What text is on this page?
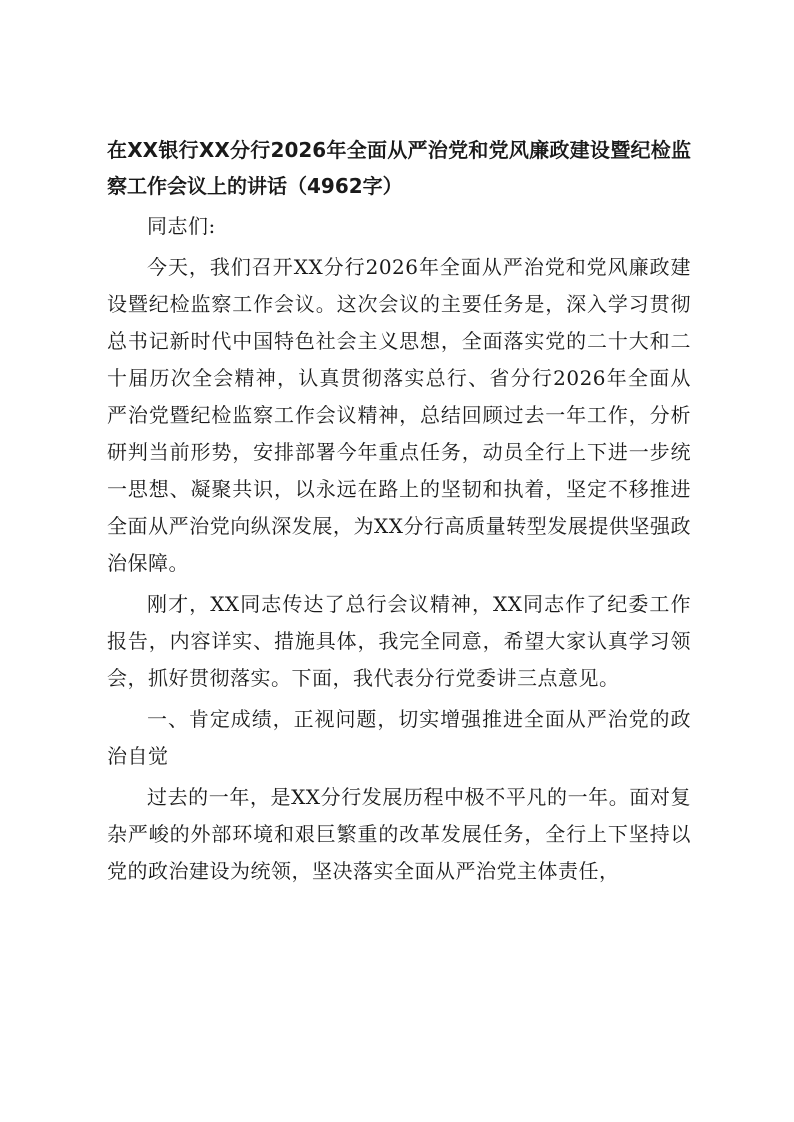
在XX银行XX分行2026年全面从严治党和党风廉政建设暨纪检监察工作会议上的讲话（4962字）

同志们:

今天，我们召开XX分行2026年全面从严治党和党风廉政建设暨纪检监察工作会议。这次会议的主要任务是，深入学习贯彻总书记新时代中国特色社会主义思想，全面落实党的二十大和二十届历次全会精神，认真贯彻落实总行、省分行2026年全面从严治党暨纪检监察工作会议精神，总结回顾过去一年工作，分析研判当前形势，安排部署今年重点任务，动员全行上下进一步统一思想、凝聚共识，以永远在路上的坚韧和执着，坚定不移推进全面从严治党向纵深发展，为XX分行高质量转型发展提供坚强政治保障。

刚才，XX同志传达了总行会议精神，XX同志作了纪委工作报告，内容详实、措施具体，我完全同意，希望大家认真学习领会，抓好贯彻落实。下面，我代表分行党委讲三点意见。

一、肯定成绩，正视问题，切实增强推进全面从严治党的政治自觉

过去的一年，是XX分行发展历程中极不平凡的一年。面对复杂严峻的外部环境和艰巨繁重的改革发展任务，全行上下坚持以党的政治建设为统领，坚决落实全面从严治党主体责任，
